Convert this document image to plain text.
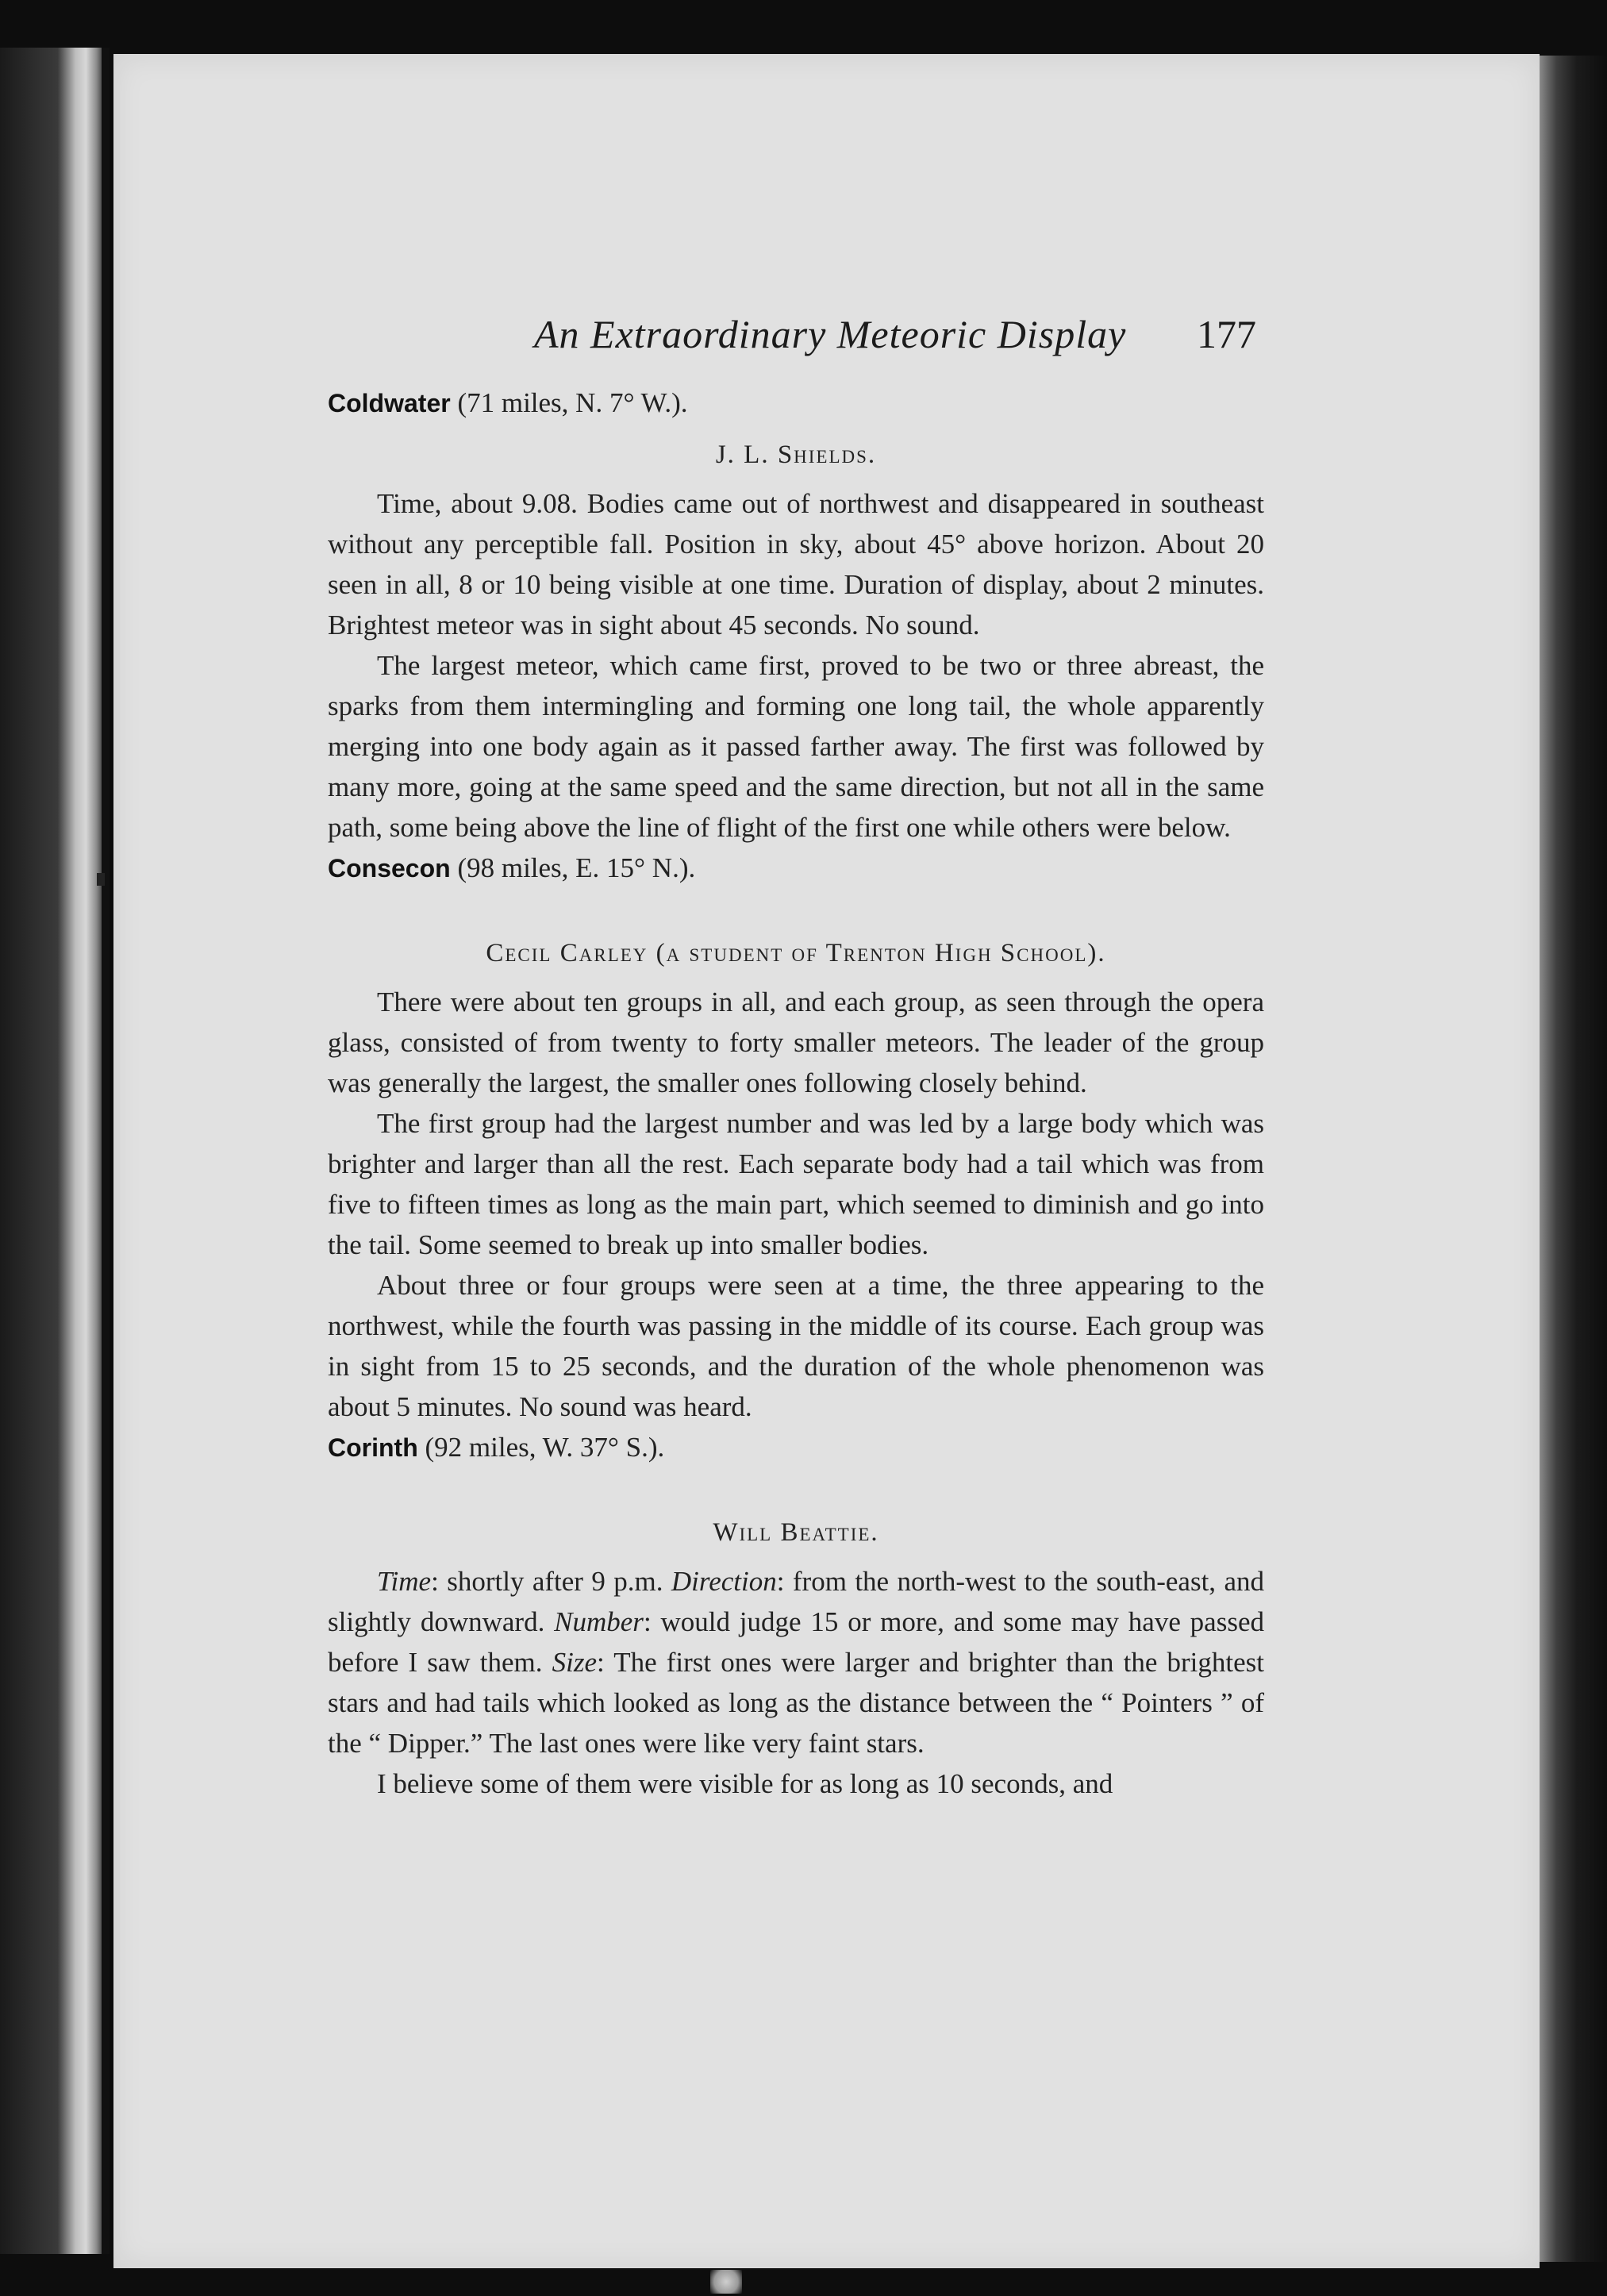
An Extraordinary Meteoric Display 177

Coldwater (71 miles, N. 7° W.).

J. L. Shields.

Time, about 9.08. Bodies came out of northwest and disappeared in southeast without any perceptible fall. Position in sky, about 45° above horizon. About 20 seen in all, 8 or 10 being visible at one time. Duration of display, about 2 minutes. Brightest meteor was in sight about 45 seconds. No sound.

The largest meteor, which came first, proved to be two or three abreast, the sparks from them intermingling and forming one long tail, the whole apparently merging into one body again as it passed farther away. The first was followed by many more, going at the same speed and the same direction, but not all in the same path, some being above the line of flight of the first one while others were below.

Consecon (98 miles, E. 15° N.).

Cecil Carley (a student of Trenton High School).

There were about ten groups in all, and each group, as seen through the opera glass, consisted of from twenty to forty smaller meteors. The leader of the group was generally the largest, the smaller ones following closely behind.

The first group had the largest number and was led by a large body which was brighter and larger than all the rest. Each separate body had a tail which was from five to fifteen times as long as the main part, which seemed to diminish and go into the tail. Some seemed to break up into smaller bodies.

About three or four groups were seen at a time, the three appearing to the northwest, while the fourth was passing in the middle of its course. Each group was in sight from 15 to 25 seconds, and the duration of the whole phenomenon was about 5 minutes. No sound was heard.

Corinth (92 miles, W. 37° S.).

Will Beattie.

Time: shortly after 9 p.m. Direction: from the north-west to the south-east, and slightly downward. Number: would judge 15 or more, and some may have passed before I saw them. Size: The first ones were larger and brighter than the brightest stars and had tails which looked as long as the distance between the “ Pointers ” of the “ Dipper.” The last ones were like very faint stars.

I believe some of them were visible for as long as 10 seconds, and
